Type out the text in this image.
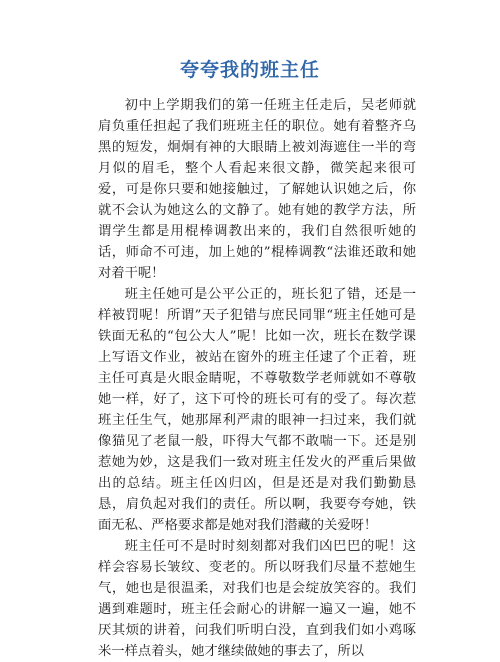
夸夸我的班主任

初中上学期我们的第一任班主任走后，吴老师就肩负重任担起了我们班班主任的职位。她有着整齐乌黑的短发，炯炯有神的大眼睛上被刘海遮住一半的弯月似的眉毛，整个人看起来很文静，微笑起来很可爱，可是你只要和她接触过，了解她认识她之后，你就不会认为她这么的文静了。她有她的教学方法，所谓学生都是用棍棒调教出来的，我们自然很听她的话，师命不可违，加上她的”棍棒调教“法谁还敢和她对着干呢！

班主任她可是公平公正的，班长犯了错，还是一样被罚呢！所谓”天子犯错与庶民同罪“班主任她可是铁面无私的“包公大人”呢！比如一次，班长在数学课上写语文作业，被站在窗外的班主任逮了个正着，班主任可真是火眼金睛呢，不尊敬数学老师就如不尊敬她一样，好了，这下可怜的班长可有的受了。每次惹班主任生气，她那犀利严肃的眼神一扫过来，我们就像猫见了老鼠一般，吓得大气都不敢喘一下。还是别惹她为妙，这是我们一致对班主任发火的严重后果做出的总结。班主任凶归凶，但是还是对我们勤勤恳恳，肩负起对我们的责任。所以啊，我要夸夸她，铁面无私、严格要求都是她对我们潜藏的关爱呀！

班主任可不是时时刻刻都对我们凶巴巴的呢！这样会容易长皱纹、变老的。所以呀我们尽量不惹她生气，她也是很温柔，对我们也是会绽放笑容的。我们遇到难题时，班主任会耐心的讲解一遍又一遍，她不厌其烦的讲着，问我们听明白没，直到我们如小鸡啄米一样点着头，她才继续做她的事去了，所以
